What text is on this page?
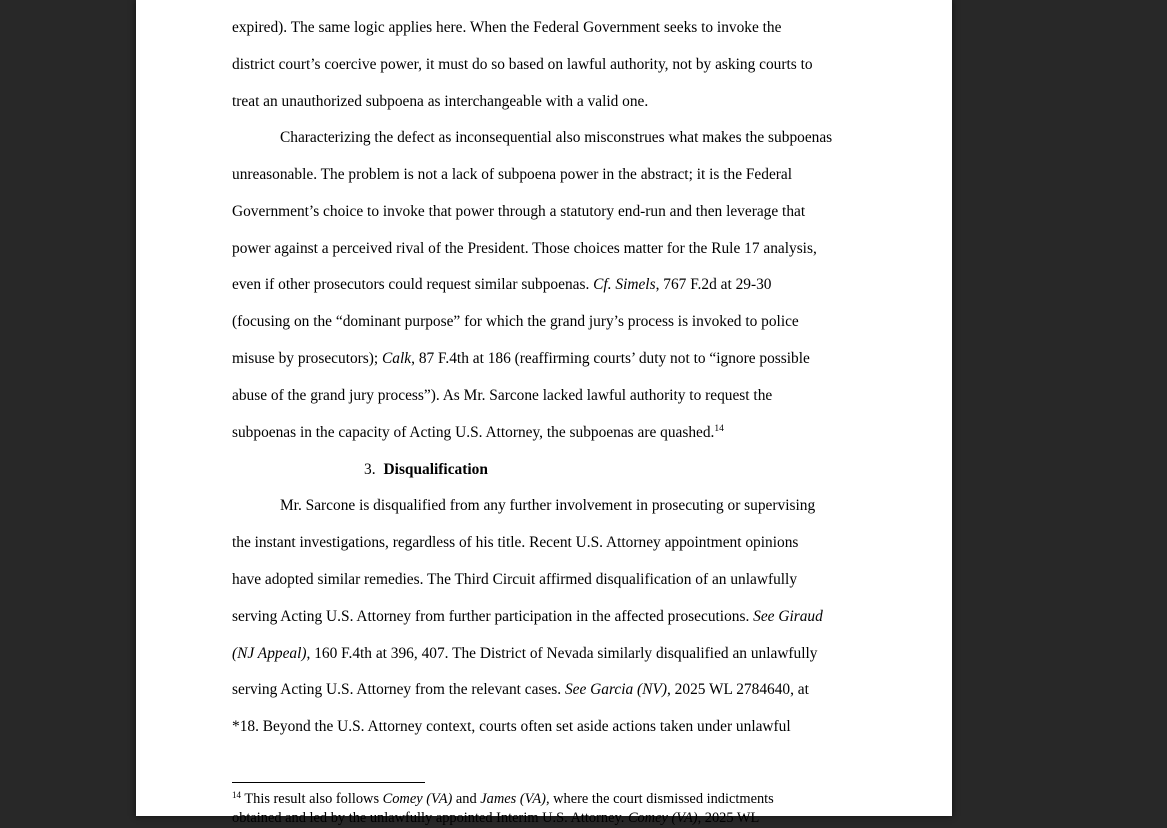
expired). The same logic applies here. When the Federal Government seeks to invoke the
district court’s coercive power, it must do so based on lawful authority, not by asking courts to
treat an unauthorized subpoena as interchangeable with a valid one.
Characterizing the defect as inconsequential also misconstrues what makes the subpoenas
unreasonable. The problem is not a lack of subpoena power in the abstract; it is the Federal
Government’s choice to invoke that power through a statutory end-run and then leverage that
power against a perceived rival of the President. Those choices matter for the Rule 17 analysis,
even if other prosecutors could request similar subpoenas. Cf. Simels, 767 F.2d at 29-30
(focusing on the “dominant purpose” for which the grand jury’s process is invoked to police
misuse by prosecutors); Calk, 87 F.4th at 186 (reaffirming courts’ duty not to “ignore possible
abuse of the grand jury process”). As Mr. Sarcone lacked lawful authority to request the
subpoenas in the capacity of Acting U.S. Attorney, the subpoenas are quashed.$^{14}$
3. Disqualification
Mr. Sarcone is disqualified from any further involvement in prosecuting or supervising
the instant investigations, regardless of his title. Recent U.S. Attorney appointment opinions
have adopted similar remedies. The Third Circuit affirmed disqualification of an unlawfully
serving Acting U.S. Attorney from further participation in the affected prosecutions. See Giraud
(NJ Appeal), 160 F.4th at 396, 407. The District of Nevada similarly disqualified an unlawfully
serving Acting U.S. Attorney from the relevant cases. See Garcia (NV), 2025 WL 2784640, at
*18. Beyond the U.S. Attorney context, courts often set aside actions taken under unlawful
$^{14}$ This result also follows Comey (VA) and James (VA), where the court dismissed indictments
obtained and led by the unlawfully appointed Interim U.S. Attorney. Comey (VA), 2025 WL
